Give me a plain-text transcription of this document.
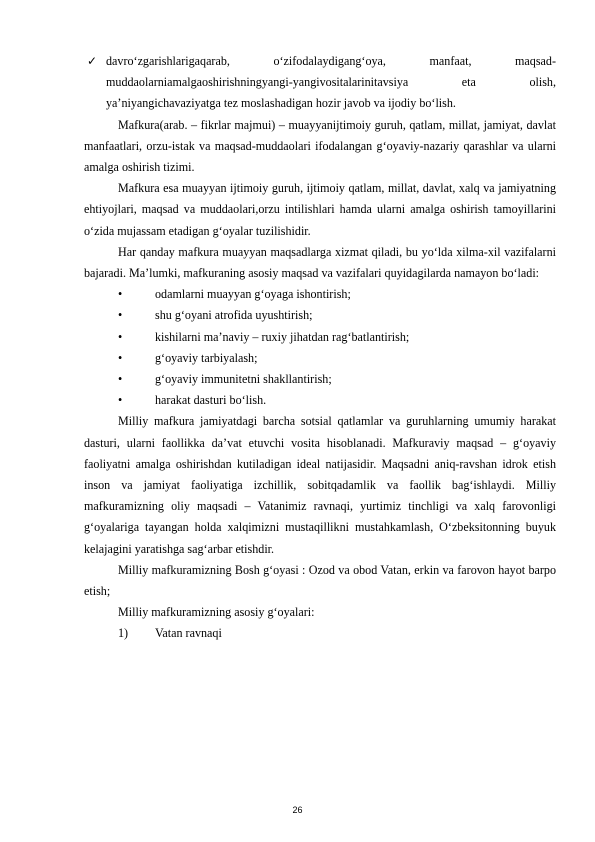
✓ davro‘zgarishlarigaqarab, o‘zifodalaydigang‘oya, manfaat, maqsad-muddaolarniamalgaoshirishningyangi-yangivositalarinitavsiya eta olish, ya’niyangichavaziyatga tez moslashadigan hozir javob va ijodiy bo‘lish.

Mafkura(arab. – fikrlar majmui) – muayyanijtimoiy guruh, qatlam, millat, jamiyat, davlat manfaatlari, orzu-istak va maqsad-muddaolari ifodalangan g‘oyaviy-nazariy qarashlar va ularni amalga oshirish tizimi.

Mafkura esa muayyan ijtimoiy guruh, ijtimoiy qatlam, millat, davlat, xalq va jamiyatning ehtiyojlari, maqsad va muddaolari,orzu intilishlari hamda ularni amalga oshirish tamoyillarini o‘zida mujassam etadigan g‘oyalar tuzilishidir.

Har qanday mafkura muayyan maqsadlarga xizmat qiladi, bu yo‘lda xilma-xil vazifalarni bajaradi. Ma’lumki, mafkuraning asosiy maqsad va vazifalari quyidagilarda namayon bo‘ladi:

•	odamlarni muayyan g‘oyaga ishontirish;
•	shu g‘oyani atrofida uyushtirish;
•	kishilarni ma’naviy – ruxiy jihatdan rag‘batlantirish;
•	g‘oyaviy tarbiyalash;
•	g‘oyaviy immunitetni shakllantirish;
•	harakat dasturi bo‘lish.

Milliy mafkura jamiyatdagi barcha sotsial qatlamlar va guruhlarning umumiy harakat dasturi, ularni faollikka da’vat etuvchi vosita hisoblanadi. Mafkuraviy maqsad – g‘oyaviy faoliyatni amalga oshirishdan kutiladigan ideal natijasidir. Maqsadni aniq-ravshan idrok etish inson va jamiyat faoliyatiga izchillik, sobitqadamlik va faollik bag‘ishlaydi. Milliy mafkuramizning oliy maqsadi – Vatanimiz ravnaqi, yurtimiz tinchligi va xalq farovonligi g‘oyalariga tayangan holda xalqimizni mustaqillikni mustahkamlash, O‘zbeksitonning buyuk kelajagini yaratishga sag‘arbar etishdir.

Milliy mafkuramizning Bosh g‘oyasi : Ozod va obod Vatan, erkin va farovon hayot barpo etish;

Milliy mafkuramizning asosiy g‘oyalari:

1) Vatan ravnaqi
26
